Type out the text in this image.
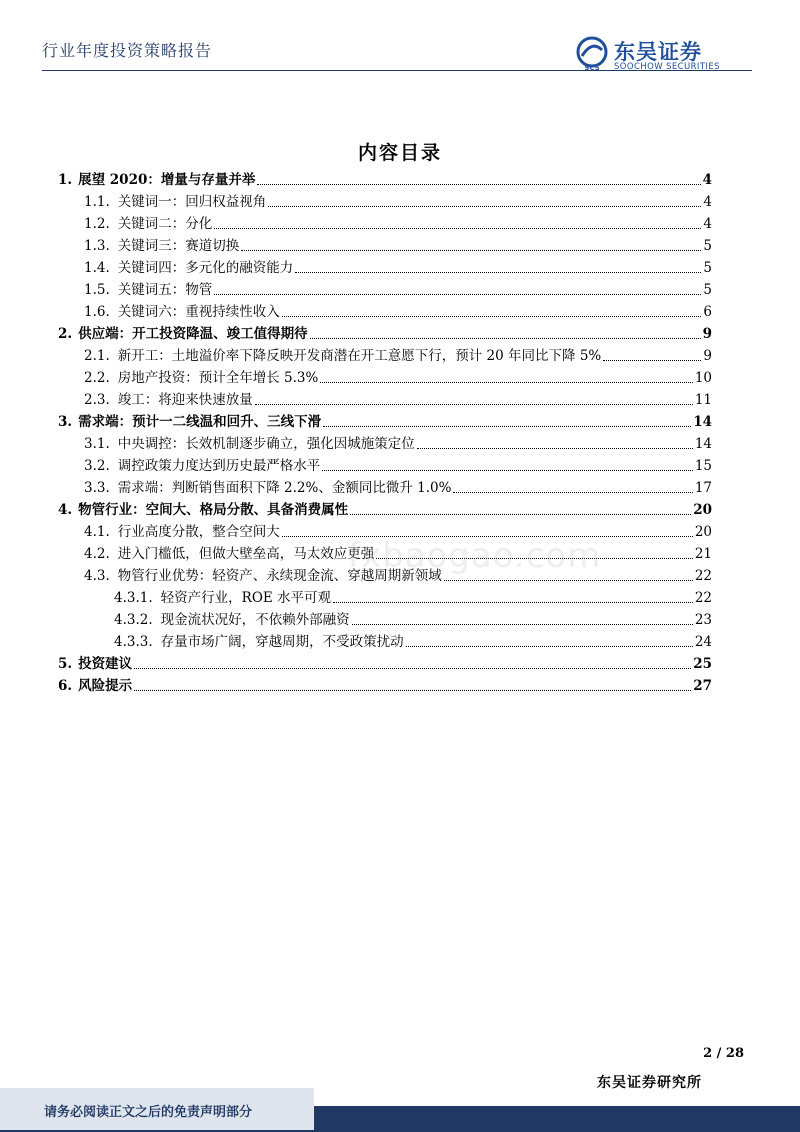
行业年度投资策略报告
SCS
东吴证券
SOOCHOW SECURITIES
内容目录
1. 展望 2020：增量与存量并举	4
1.1. 关键词一：回归权益视角	4
1.2. 关键词二：分化	4
1.3. 关键词三：赛道切换	5
1.4. 关键词四：多元化的融资能力	5
1.5. 关键词五：物管	5
1.6. 关键词六：重视持续性收入	6
2. 供应端：开工投资降温、竣工值得期待	9
2.1. 新开工：土地溢价率下降反映开发商潜在开工意愿下行，预计 20 年同比下降 5%	9
2.2. 房地产投资：预计全年增长 5.3%	10
2.3. 竣工：将迎来快速放量	11
3. 需求端：预计一二线温和回升、三线下滑	14
3.1. 中央调控：长效机制逐步确立，强化因城施策定位	14
3.2. 调控政策力度达到历史最严格水平	15
3.3. 需求端：判断销售面积下降 2.2%、金额同比微升 1.0%	17
4. 物管行业：空间大、格局分散、具备消费属性	20
4.1. 行业高度分散，整合空间大	20
4.2. 进入门槛低，但做大壁垒高，马太效应更强	21
4.3. 物管行业优势：轻资产、永续现金流、穿越周期新领域	22
4.3.1. 轻资产行业，ROE 水平可观	22
4.3.2. 现金流状况好，不依赖外部融资	23
4.3.3. 存量市场广阔，穿越周期，不受政策扰动	24
5. 投资建议	25
6. 风险提示	27
fxbaogao.com
2 / 28
东吴证券研究所
请务必阅读正文之后的免责声明部分
